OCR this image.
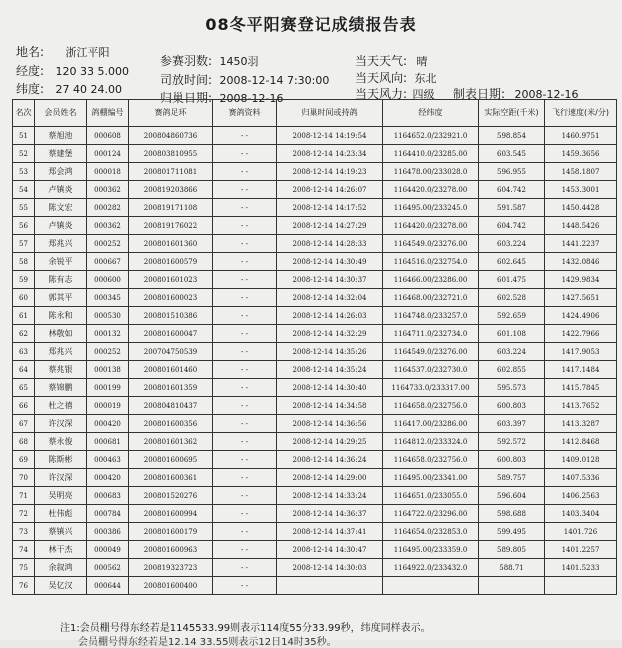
08冬平阳赛登记成绩报告表
地名: 浙江平阳
经度: 120 33 5.000
纬度: 27 40 24.00
参赛羽数: 1450羽
司放时间: 2008-12-14 7:30:00
归巢日期: 2008-12-16
当天天气: 晴
当天风向: 东北
当天风力: 四级 制表日期: 2008-12-16
名次	会员姓名	鸽棚编号	赛鸽足环	赛鸽资料	归巢时间或持鸽	经纬度	实际空距(千米)	飞行速度(米/分)
51	蔡旭池	000608	200804860736	- -	2008-12-14 14:19:54	1164652.0/232921.0	598.854	1460.9751
52	蔡建堡	000124	200803810955	- -	2008-12-14 14:23:34	1164410.0/23285.00	603.545	1459.3656
53	郑会鸿	000018	200801711081	- -	2008-12-14 14:19:23	116478.00/233028.0	596.955	1458.1807
54	卢镇炎	000362	200819203866	- -	2008-12-14 14:26:07	1164420.0/23278.00	604.742	1453.3001
55	陈文宏	000282	200819171108	- -	2008-12-14 14:17:52	116495.00/233245.0	591.587	1450.4428
56	卢镇炎	000362	200819176022	- -	2008-12-14 14:27:29	1164420.0/23278.00	604.742	1448.5426
57	郑兆兴	000252	200801601360	- -	2008-12-14 14:28:33	1164549.0/23276.00	603.224	1441.2237
58	余锐平	000667	200801600579	- -	2008-12-14 14:30:49	1164516.0/232754.0	602.645	1432.0846
59	陈有志	000600	200801601023	- -	2008-12-14 14:30:37	116466.00/23286.00	601.475	1429.9834
60	郭其平	000345	200801600023	- -	2008-12-14 14:32:04	116468.00/232721.0	602.528	1427.5651
61	陈永和	000530	200801510386	- -	2008-12-14 14:26:03	1164748.0/233257.0	592.659	1424.4906
62	林敬如	000132	200801600047	- -	2008-12-14 14:32:29	1164711.0/232734.0	601.108	1422.7966
63	郑兆兴	000252	200704750539	- -	2008-12-14 14:35:26	1164549.0/23276.00	603.224	1417.9053
64	蔡兆银	000138	200801601460	- -	2008-12-14 14:35:24	1164537.0/232730.0	602.855	1417.1484
65	蔡锦鹏	000199	200801601359	- -	2008-12-14 14:30:40	1164733.0/233317.00	595.573	1415.7845
66	杜之禧	000019	200804810437	- -	2008-12-14 14:34:58	1164658.0/232756.0	600.803	1413.7652
67	许汉深	000420	200801600356	- -	2008-12-14 14:36:56	116417.00/23286.00	603.397	1413.3287
68	蔡永俊	000681	200801601362	- -	2008-12-14 14:29:25	1164812.0/233324.0	592.572	1412.8468
69	陈斯彬	000463	200801600695	- -	2008-12-14 14:36:24	1164658.0/232756.0	600.803	1409.0128
70	许汉深	000420	200801600361	- -	2008-12-14 14:29:00	116495.00/23341.00	589.757	1407.5336
71	吴明亮	000683	200801520276	- -	2008-12-14 14:33:24	1164651.0/233055.0	596.604	1406.2563
72	杜伟彪	000784	200801600994	- -	2008-12-14 14:36:37	1164722.0/23296.00	598.688	1403.3404
73	蔡镇兴	000386	200801600179	- -	2008-12-14 14:37:41	1164654.0/232853.0	599.495	1401.726
74	林干杰	000049	200801600963	- -	2008-12-14 14:30:47	116495.00/233359.0	589.805	1401.2257
75	余叙鸿	000562	200819323723	- -	2008-12-14 14:30:03	1164922.0/233432.0	588.71	1401.5233
76	吴亿汉	000644	200801600400	- -				
注1:会员棚号得东经若是1145533.99则表示114度55分33.99秒，纬度同样表示。
会员棚号得东经若是12.14 33.55则表示12日14时35秒。
